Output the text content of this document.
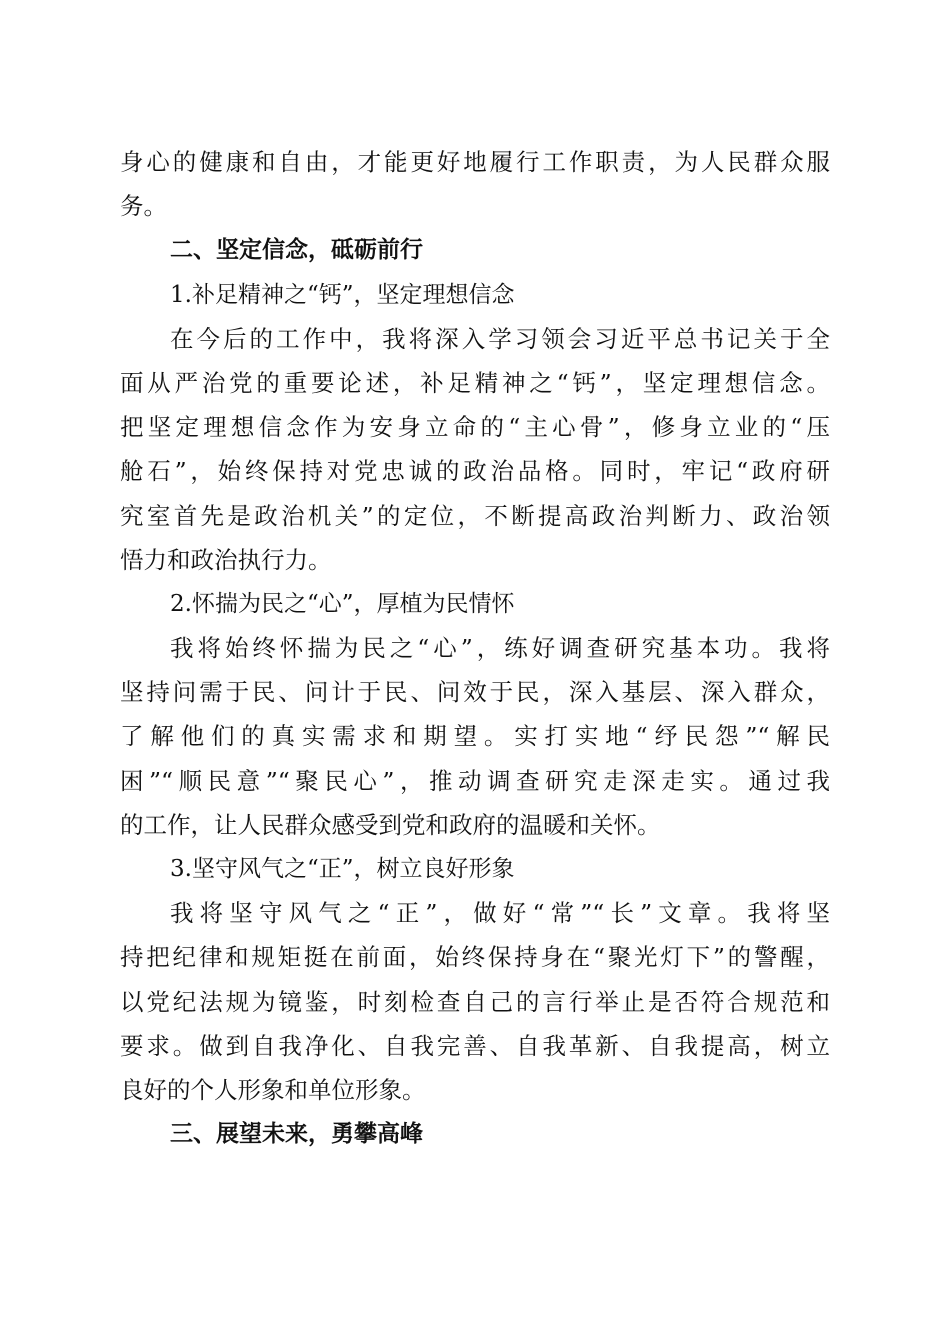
身心的健康和自由，才能更好地履行工作职责，为人民群众服
务。
二、坚定信念，砥砺前行
1.补足精神之“钙”，坚定理想信念
在今后的工作中，我将深入学习领会习近平总书记关于全
面从严治党的重要论述，补足精神之“钙”，坚定理想信念。
把坚定理想信念作为安身立命的“主心骨”，修身立业的“压
舱石”，始终保持对党忠诚的政治品格。同时，牢记“政府研
究室首先是政治机关”的定位，不断提高政治判断力、政治领
悟力和政治执行力。
2.怀揣为民之“心”，厚植为民情怀
我将始终怀揣为民之“心”，练好调查研究基本功。我将
坚持问需于民、问计于民、问效于民，深入基层、深入群众，
了解他们的真实需求和期望。实打实地“纾民怨”“解民
困”“顺民意”“聚民心”，推动调查研究走深走实。通过我
的工作，让人民群众感受到党和政府的温暖和关怀。
3.坚守风气之“正”，树立良好形象
我将坚守风气之“正”，做好“常”“长”文章。我将坚
持把纪律和规矩挺在前面，始终保持身在“聚光灯下”的警醒，
以党纪法规为镜鉴，时刻检查自己的言行举止是否符合规范和
要求。做到自我净化、自我完善、自我革新、自我提高，树立
良好的个人形象和单位形象。
三、展望未来，勇攀高峰
